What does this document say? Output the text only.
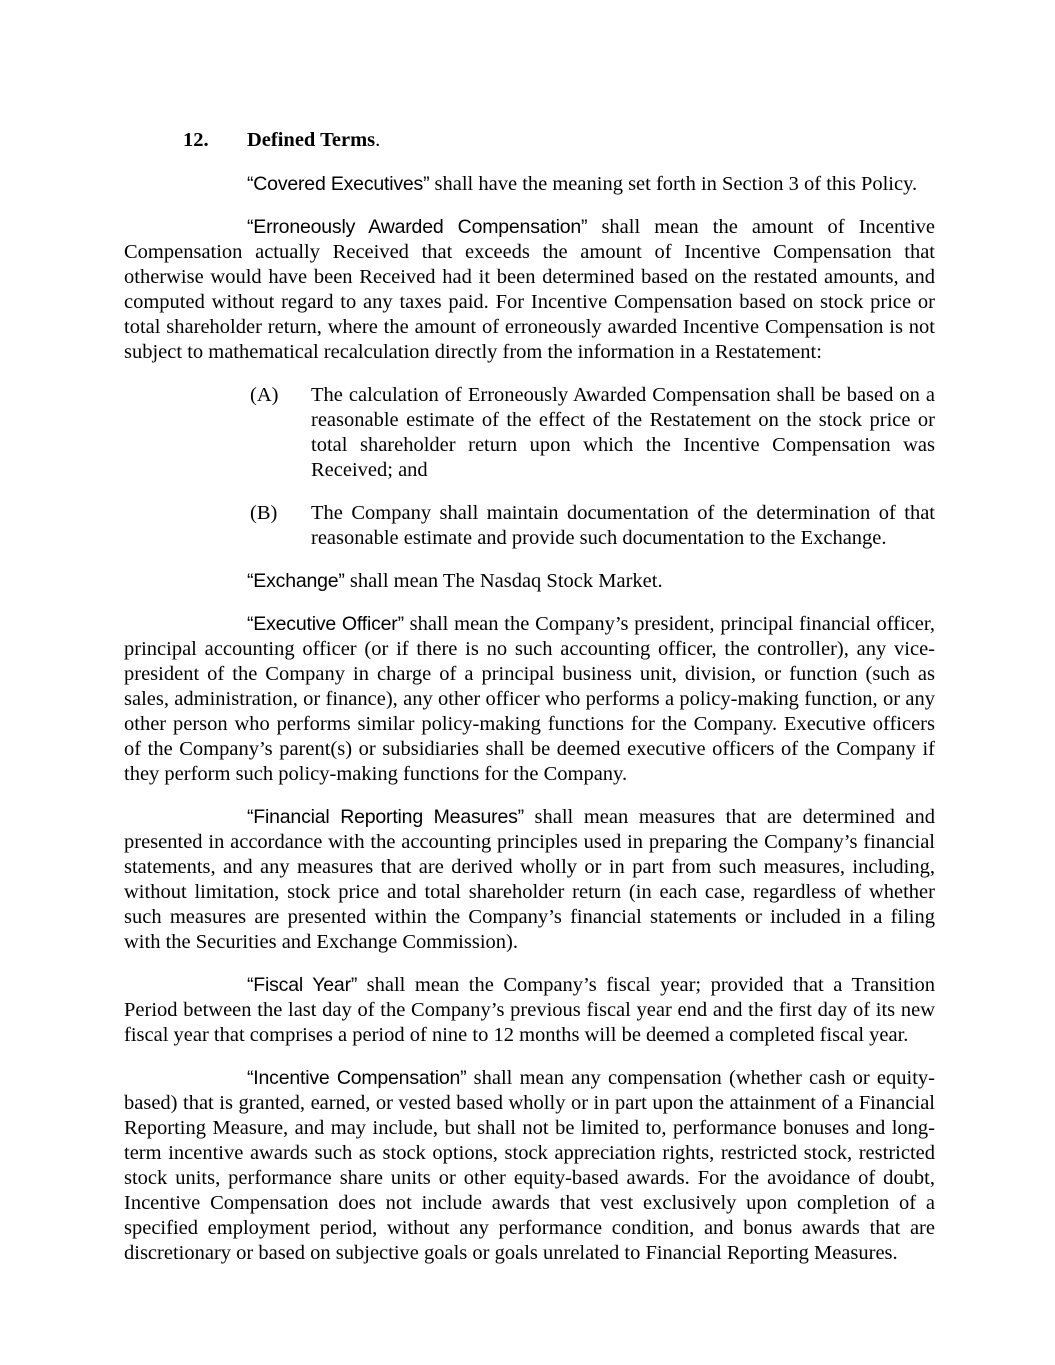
12. Defined Terms.

“Covered Executives” shall have the meaning set forth in Section 3 of this Policy.

“Erroneously Awarded Compensation” shall mean the amount of Incentive Compensation actually Received that exceeds the amount of Incentive Compensation that otherwise would have been Received had it been determined based on the restated amounts, and computed without regard to any taxes paid. For Incentive Compensation based on stock price or total shareholder return, where the amount of erroneously awarded Incentive Compensation is not subject to mathematical recalculation directly from the information in a Restatement:

(A) The calculation of Erroneously Awarded Compensation shall be based on a reasonable estimate of the effect of the Restatement on the stock price or total shareholder return upon which the Incentive Compensation was Received; and
(B) The Company shall maintain documentation of the determination of that reasonable estimate and provide such documentation to the Exchange.

“Exchange” shall mean The Nasdaq Stock Market.

“Executive Officer” shall mean the Company’s president, principal financial officer, principal accounting officer (or if there is no such accounting officer, the controller), any vice-president of the Company in charge of a principal business unit, division, or function (such as sales, administration, or finance), any other officer who performs a policy-making function, or any other person who performs similar policy-making functions for the Company. Executive officers of the Company’s parent(s) or subsidiaries shall be deemed executive officers of the Company if they perform such policy-making functions for the Company.

“Financial Reporting Measures” shall mean measures that are determined and presented in accordance with the accounting principles used in preparing the Company’s financial statements, and any measures that are derived wholly or in part from such measures, including, without limitation, stock price and total shareholder return (in each case, regardless of whether such measures are presented within the Company’s financial statements or included in a filing with the Securities and Exchange Commission).

“Fiscal Year” shall mean the Company’s fiscal year; provided that a Transition Period between the last day of the Company’s previous fiscal year end and the first day of its new fiscal year that comprises a period of nine to 12 months will be deemed a completed fiscal year.

“Incentive Compensation” shall mean any compensation (whether cash or equity-based) that is granted, earned, or vested based wholly or in part upon the attainment of a Financial Reporting Measure, and may include, but shall not be limited to, performance bonuses and long-term incentive awards such as stock options, stock appreciation rights, restricted stock, restricted stock units, performance share units or other equity-based awards. For the avoidance of doubt, Incentive Compensation does not include awards that vest exclusively upon completion of a specified employment period, without any performance condition, and bonus awards that are discretionary or based on subjective goals or goals unrelated to Financial Reporting Measures.
